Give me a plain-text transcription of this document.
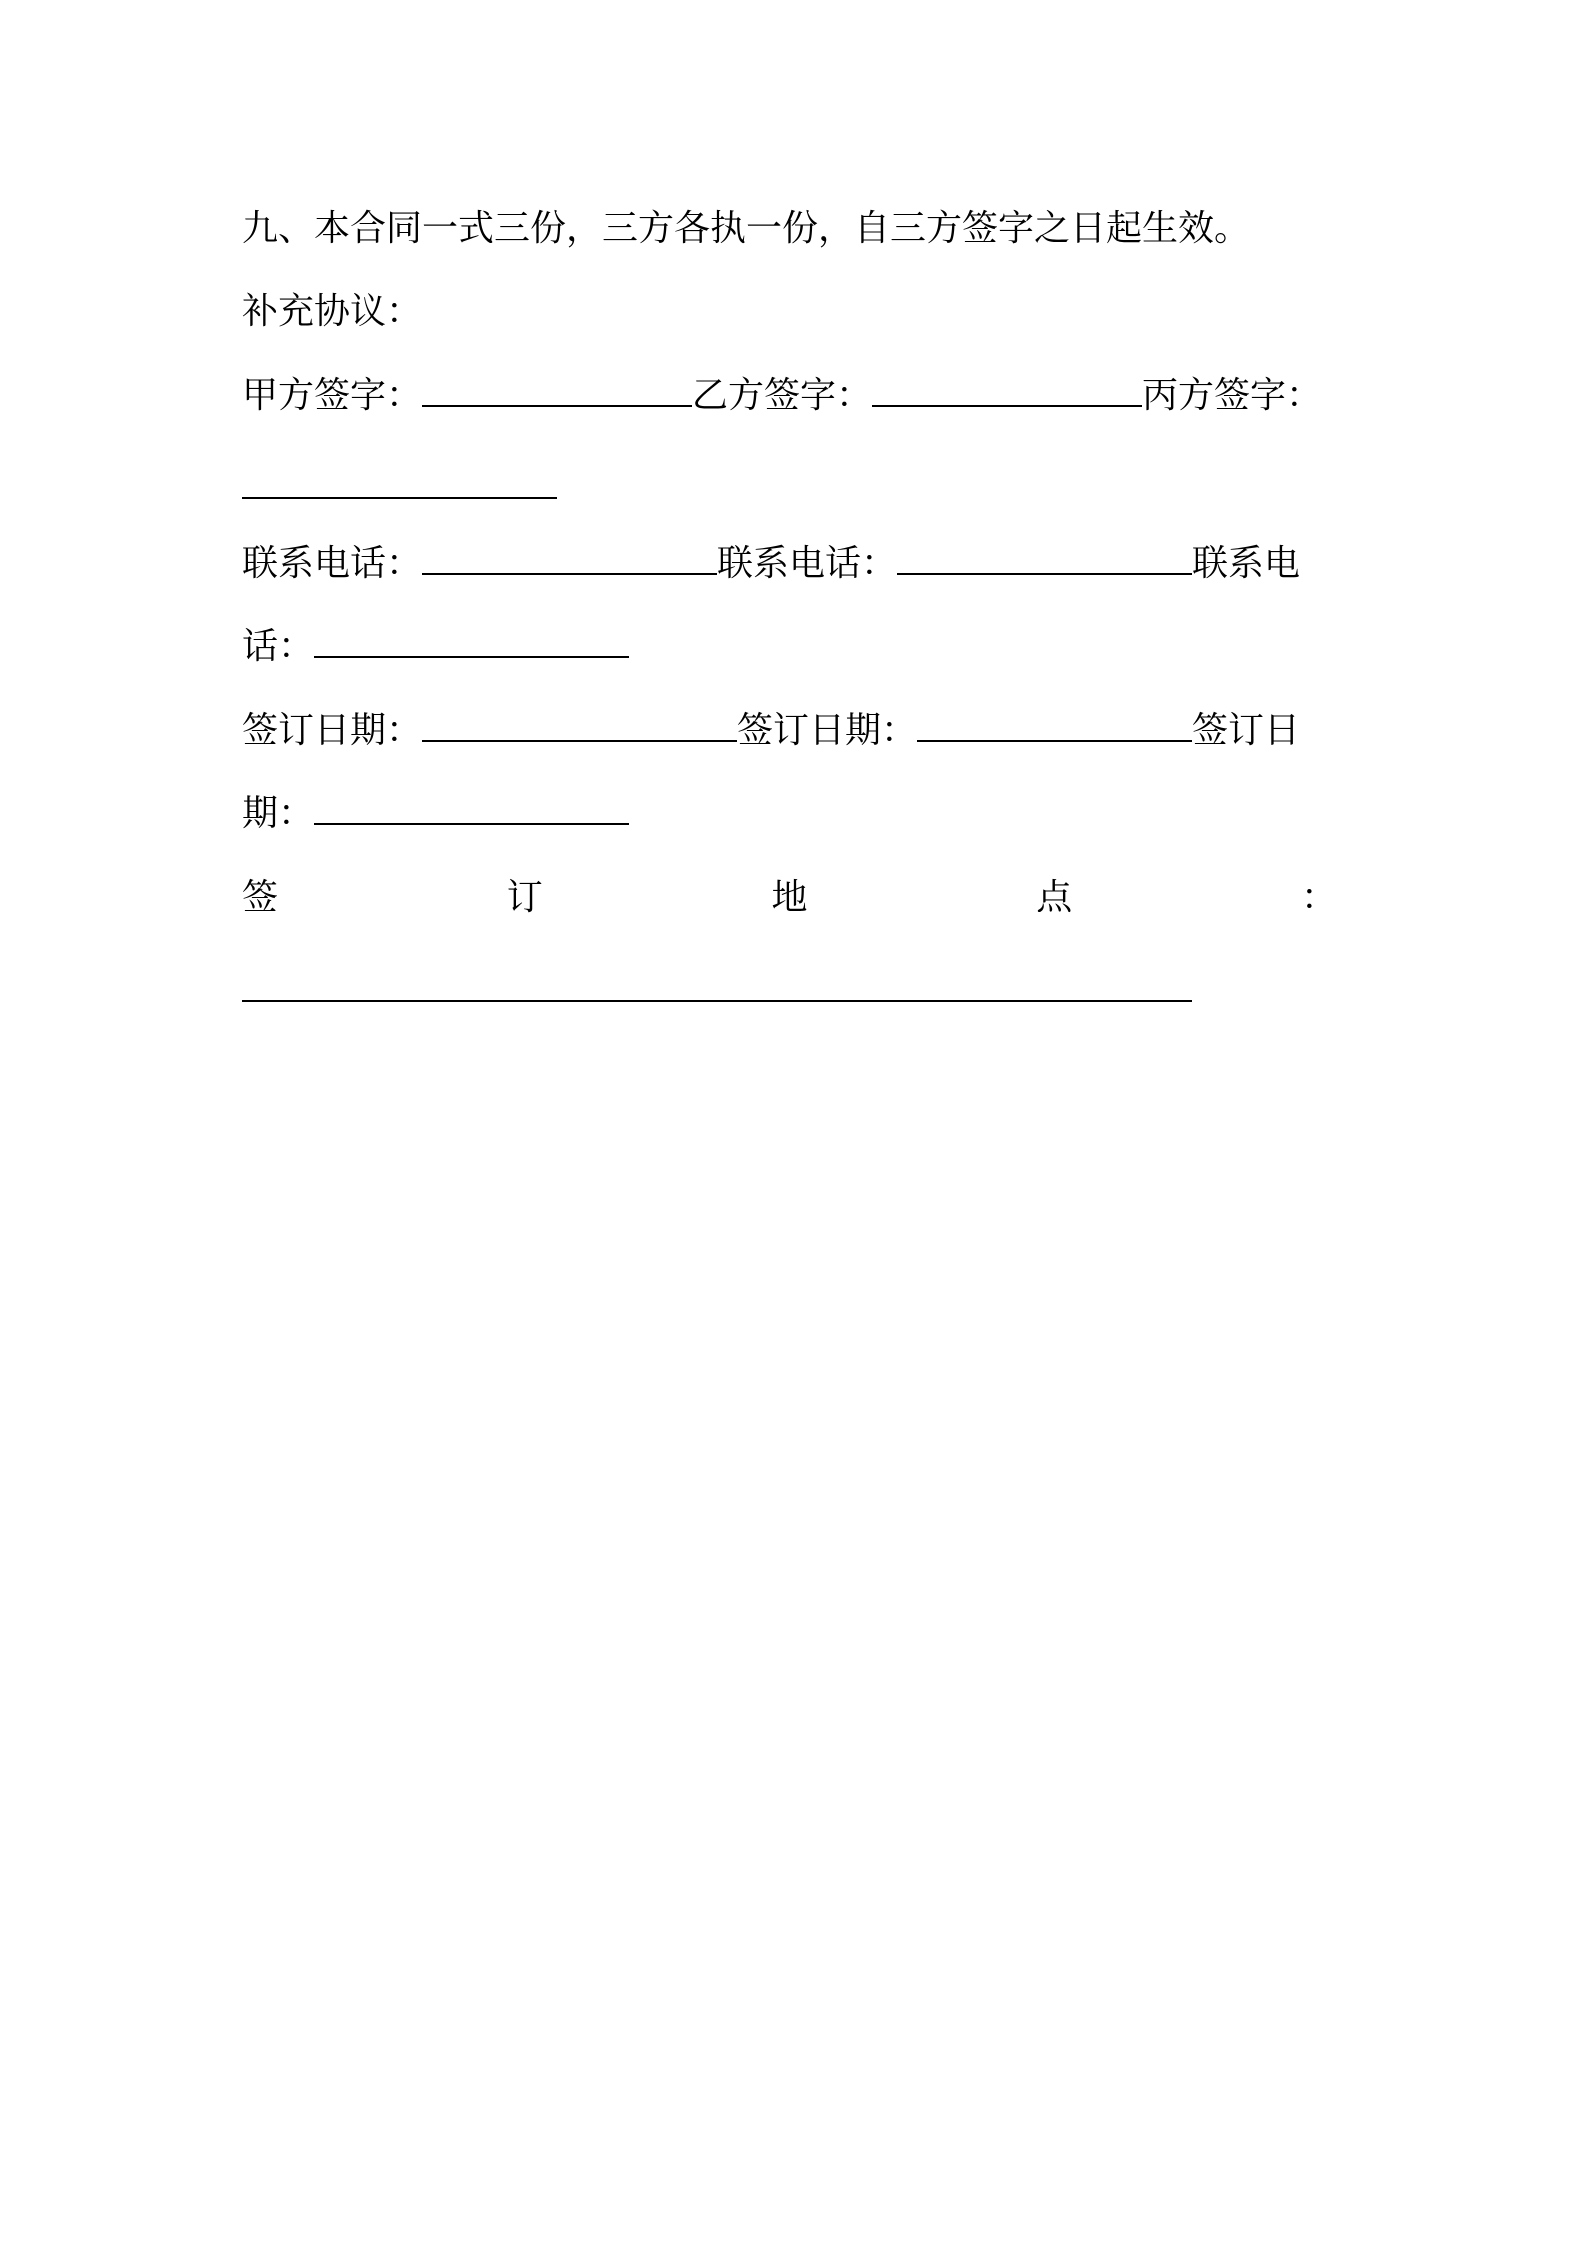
九、本合同一式三份，三方各执一份，自三方签字之日起生效。
补充协议：
甲方签字：	乙方签字：	丙方签字：
联系电话：	联系电话：	联系电
话：
签订日期：	签订日期：	签订日
期：
签	订	地	点	：
